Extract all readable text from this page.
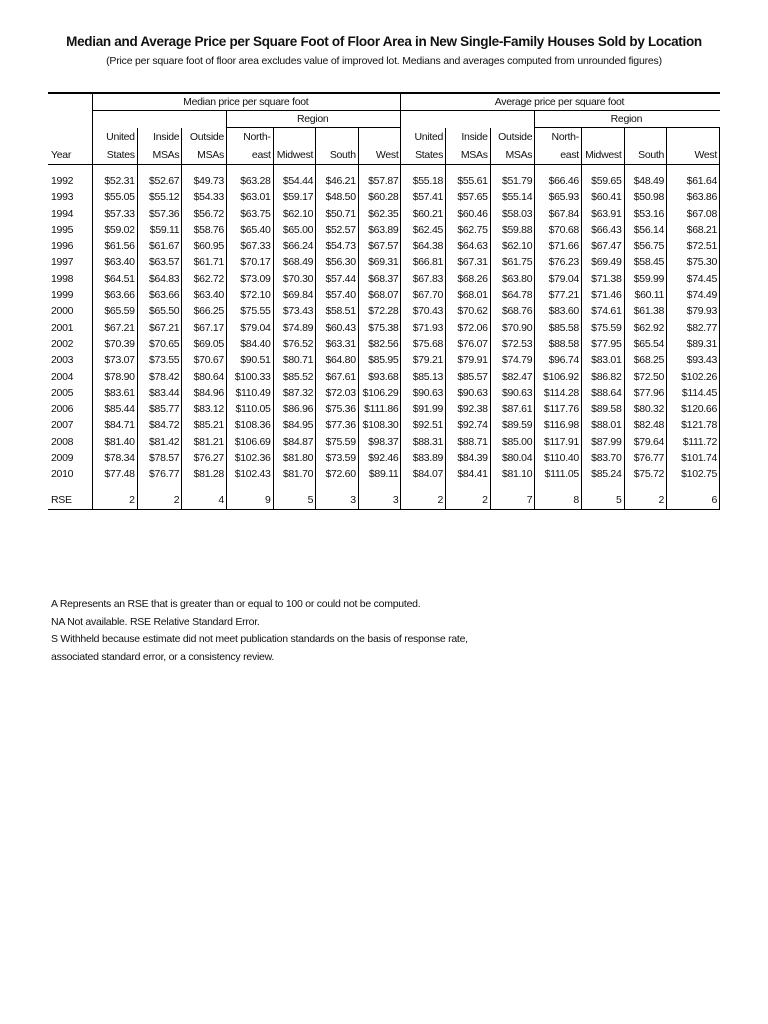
Median and Average Price per Square Foot of Floor Area in New Single-Family Houses Sold by Location
(Price per square foot of floor area excludes value of improved lot. Medians and averages computed from unrounded figures)
	Median price per square foot							Average price per square foot						
				Region							Region			
	United	Inside	Outside	North-				United	Inside	Outside	North-			
Year	States	MSAs	MSAs	east	Midwest	South	West	States	MSAs	MSAs	east	Midwest	South	West

1992	$52.31	$52.67	$49.73	$63.28	$54.44	$46.21	$57.87	$55.18	$55.61	$51.79	$66.46	$59.65	$48.49	$61.64
1993	$55.05	$55.12	$54.33	$63.01	$59.17	$48.50	$60.28	$57.41	$57.65	$55.14	$65.93	$60.41	$50.98	$63.86
1994	$57.33	$57.36	$56.72	$63.75	$62.10	$50.71	$62.35	$60.21	$60.46	$58.03	$67.84	$63.91	$53.16	$67.08
1995	$59.02	$59.11	$58.76	$65.40	$65.00	$52.57	$63.89	$62.45	$62.75	$59.88	$70.68	$66.43	$56.14	$68.21
1996	$61.56	$61.67	$60.95	$67.33	$66.24	$54.73	$67.57	$64.38	$64.63	$62.10	$71.66	$67.47	$56.75	$72.51
1997	$63.40	$63.57	$61.71	$70.17	$68.49	$56.30	$69.31	$66.81	$67.31	$61.75	$76.23	$69.49	$58.45	$75.30
1998	$64.51	$64.83	$62.72	$73.09	$70.30	$57.44	$68.37	$67.83	$68.26	$63.80	$79.04	$71.38	$59.99	$74.45
1999	$63.66	$63.66	$63.40	$72.10	$69.84	$57.40	$68.07	$67.70	$68.01	$64.78	$77.21	$71.46	$60.11	$74.49
2000	$65.59	$65.50	$66.25	$75.55	$73.43	$58.51	$72.28	$70.43	$70.62	$68.76	$83.60	$74.61	$61.38	$79.93
2001	$67.21	$67.21	$67.17	$79.04	$74.89	$60.43	$75.38	$71.93	$72.06	$70.90	$85.58	$75.59	$62.92	$82.77
2002	$70.39	$70.65	$69.05	$84.40	$76.52	$63.31	$82.56	$75.68	$76.07	$72.53	$88.58	$77.95	$65.54	$89.31
2003	$73.07	$73.55	$70.67	$90.51	$80.71	$64.80	$85.95	$79.21	$79.91	$74.79	$96.74	$83.01	$68.25	$93.43
2004	$78.90	$78.42	$80.64	$100.33	$85.52	$67.61	$93.68	$85.13	$85.57	$82.47	$106.92	$86.82	$72.50	$102.26
2005	$83.61	$83.44	$84.96	$110.49	$87.32	$72.03	$106.29	$90.63	$90.63	$90.63	$114.28	$88.64	$77.96	$114.45
2006	$85.44	$85.77	$83.12	$110.05	$86.96	$75.36	$111.86	$91.99	$92.38	$87.61	$117.76	$89.58	$80.32	$120.66
2007	$84.71	$84.72	$85.21	$108.36	$84.95	$77.36	$108.30	$92.51	$92.74	$89.59	$116.98	$88.01	$82.48	$121.78
2008	$81.40	$81.42	$81.21	$106.69	$84.87	$75.59	$98.37	$88.31	$88.71	$85.00	$117.91	$87.99	$79.64	$111.72
2009	$78.34	$78.57	$76.27	$102.36	$81.80	$73.59	$92.46	$83.89	$84.39	$80.04	$110.40	$83.70	$76.77	$101.74
2010	$77.48	$76.77	$81.28	$102.43	$81.70	$72.60	$89.11	$84.07	$84.41	$81.10	$111.05	$85.24	$75.72	$102.75

RSE	2	2	4	9	5	3	3	2	2	7	8	5	2	6
A Represents an RSE that is greater than or equal to 100 or could not be computed.
NA Not available. RSE Relative Standard Error.
S Withheld because estimate did not meet publication standards on the basis of response rate,
associated standard error, or a consistency review.
